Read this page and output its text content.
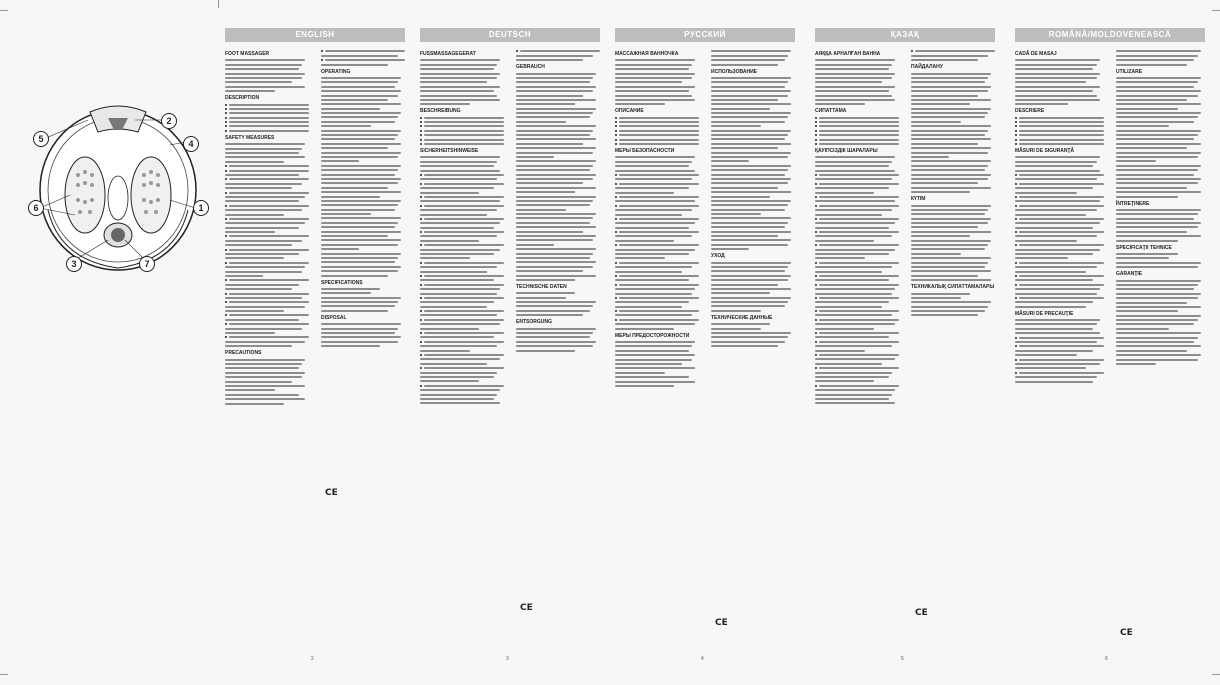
5
2
4
6	1
3	7
ENGLISH
FOOT MASSAGER
DESCRIPTION
SAFETY MEASURES
PRECAUTIONS
OPERATING
SPECIFICATIONS
DISPOSAL
CE
2
DEUTSCH
FUSSMASSAGEGERAT
BESCHREIBUNG
SICHERHEITSHINWEISE
GEBRAUCH
TECHNISCHE DATEN
ENTSORGUNG
CE
3
РУССКИЙ
МАССАЖНАЯ ВАННОЧКА
ОПИСАНИЕ
МЕРЫ БЕЗОПАСНОСТИ
МЕРЫ ПРЕДОСТОРОЖНОСТИ
ИСПОЛЬЗОВАНИЕ
УХОД
ТЕХНИЧЕСКИЕ ДАННЫЕ
CE
4
ҚАЗАҚ
АЯҚҚА АРНАЛҒАН ВАННА
СИПАТТАМА
ҚАУІПСІЗДІК ШАРАЛАРЫ
ПАЙДАЛАНУ
КҮТІМ
ТЕХНИКАЛЫҚ СИПАТТАМАЛАРЫ
CE
5
ROMÂNĂ/MOLDOVENEASCĂ
CADĂ DE MASAJ
DESCRIERE
MĂSURI DE SIGURANŢĂ
MĂSURI DE PRECAUŢIE
UTILIZARE
ÎNTREŢINERE
SPECIFICAŢII TEHNICE
GARANŢIE
CE
6
